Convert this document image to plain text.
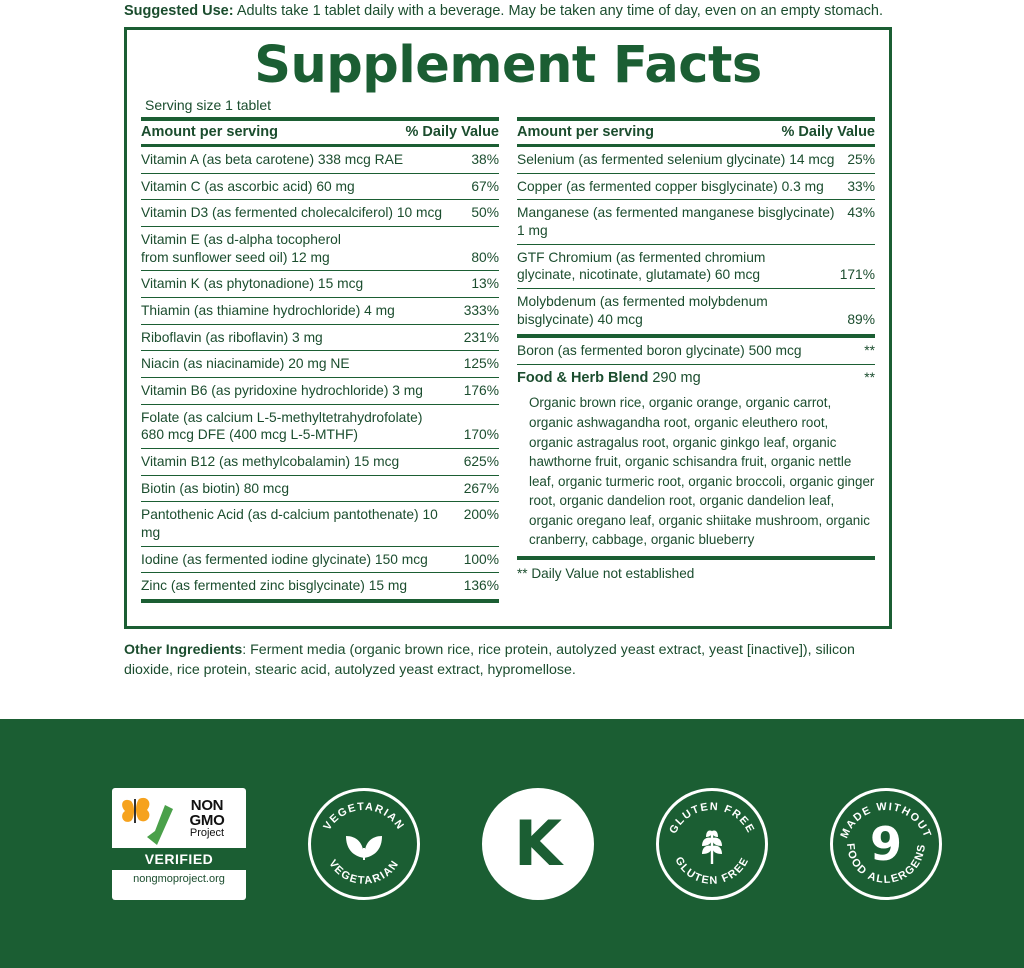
Suggested Use: Adults take 1 tablet daily with a beverage. May be taken any time of day, even on an empty stomach.
Supplement Facts
Serving size 1 tablet
Amount per serving	% Daily Value
Vitamin A (as beta carotene) 338 mcg RAE	38%
Vitamin C (as ascorbic acid) 60 mg	67%
Vitamin D3 (as fermented cholecalciferol) 10 mcg	50%
Vitamin E (as d-alpha tocopherol
from sunflower seed oil) 12 mg	80%
Vitamin K (as phytonadione) 15 mcg	13%
Thiamin (as thiamine hydrochloride) 4 mg	333%
Riboflavin (as riboflavin) 3 mg	231%
Niacin (as niacinamide) 20 mg NE	125%
Vitamin B6 (as pyridoxine hydrochloride) 3 mg	176%
Folate (as calcium L-5-methyltetrahydrofolate)
680 mcg DFE (400 mcg L-5-MTHF)	170%
Vitamin B12 (as methylcobalamin) 15 mcg	625%
Biotin (as biotin) 80 mcg	267%
Pantothenic Acid (as d-calcium pantothenate) 10 mg
200%
Iodine (as fermented iodine glycinate) 150 mcg	100%
Zinc (as fermented zinc bisglycinate) 15 mg	136%
Amount per serving	% Daily Value
Selenium (as fermented selenium glycinate) 14 mcg 25%
Copper (as fermented copper bisglycinate) 0.3 mg	33%
Manganese (as fermented manganese bisglycinate) 1 mg
43%
GTF Chromium (as fermented chromium
glycinate, nicotinate, glutamate) 60 mcg	171%
Molybdenum (as fermented molybdenum
bisglycinate) 40 mcg	89%
Boron (as fermented boron glycinate) 500 mcg	**
Food & Herb Blend 290 mg	**
Organic brown rice, organic orange, organic carrot, organic ashwagandha root, organic eleuthero root, organic astragalus root, organic ginkgo leaf, organic hawthorne fruit, organic schisandra fruit, organic nettle leaf, organic turmeric root, organic broccoli, organic ginger root, organic dandelion root, organic dandelion leaf, organic oregano leaf, organic shiitake mushroom, organic cranberry, cabbage, organic blueberry
** Daily Value not established
Other Ingredients: Ferment media (organic brown rice, rice protein, autolyzed yeast extract, yeast [inactive]), silicon dioxide, rice protein, stearic acid, autolyzed yeast extract, hypromellose.
NON
GMO
Project
VERIFIED
nongmoproject.org
VEGETARIAN
VEGETARIAN	K	GLUTEN FREE
GLUTEN FREE
MADE WITHOUT
FOOD ALLERGENS
9
